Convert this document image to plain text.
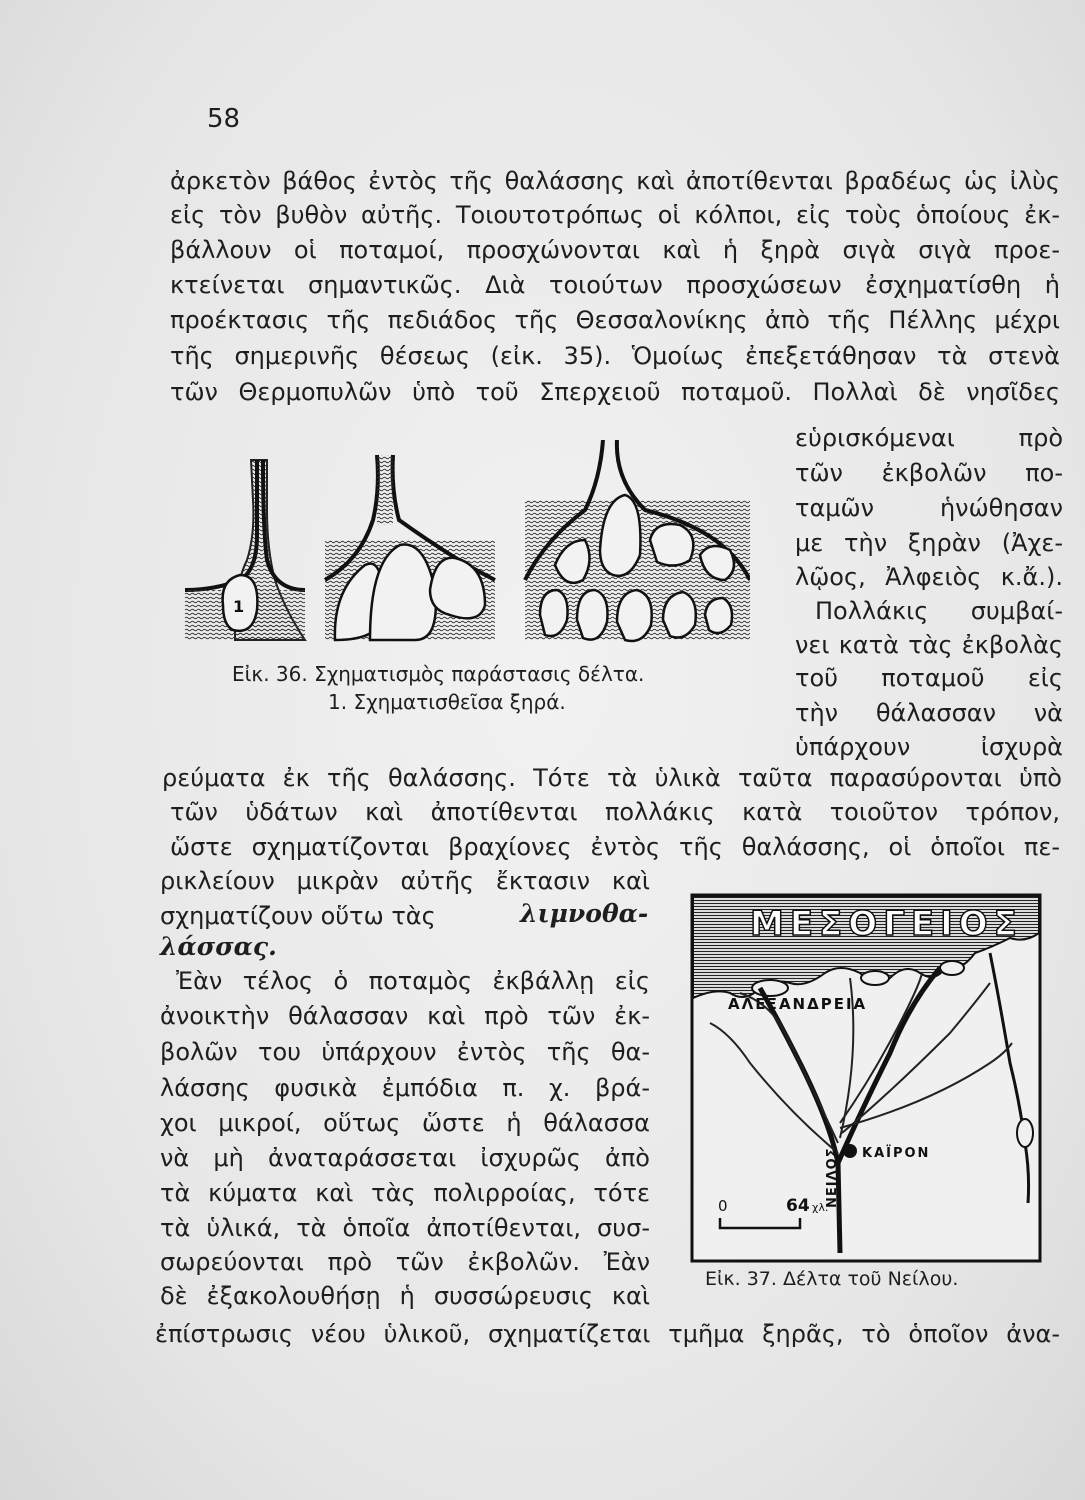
58
ἀρκετὸν βάθος ἐντὸς τῆς θαλάσσης καὶ ἀποτίθενται βραδέως ὡς ἰλὺς
εἰς τὸν βυθὸν αὐτῆς. Τοιουτοτρόπως οἱ κόλποι, εἰς τοὺς ὁποίους ἐκ-
βάλλουν οἱ ποταμοί, προσχώνονται καὶ ἡ ξηρὰ σιγὰ σιγὰ προε-
κτείνεται σημαντικῶς. Διὰ τοιούτων προσχώσεων ἐσχηματίσθη ἡ
προέκτασις τῆς πεδιάδος τῆς Θεσσαλονίκης ἀπὸ τῆς Πέλλης μέχρι
τῆς σημερινῆς θέσεως (εἰκ. 35). Ὁμοίως ἐπεξετάθησαν τὰ στενὰ
τῶν Θερμοπυλῶν ὑπὸ τοῦ Σπερχειοῦ ποταμοῦ. Πολλαὶ δὲ νησῖδες
1
εὑρισκόμεναι πρὸ
τῶν ἐκβολῶν πο-
ταμῶν ἡνώθησαν
με τὴν ξηρὰν (Ἀχε-
λῷος, Ἀλφειὸς κ.ἄ.).
Πολλάκις συμβαί-
νει κατὰ τὰς ἐκβολὰς
τοῦ ποταμοῦ εἰς
τὴν θάλασσαν νὰ
ὑπάρχουν ἰσχυρὰ
Εἰκ. 36. Σχηματισμὸς παράστασις δέλτα.
1. Σχηματισθεῖσα ξηρά.
ρεύματα ἐκ τῆς θαλάσσης. Τότε τὰ ὑλικὰ ταῦτα παρασύρονται ὑπὸ
τῶν ὑδάτων καὶ ἀποτίθενται πολλάκις κατὰ τοιοῦτον τρόπον,
ὥστε σχηματίζονται βραχίονες ἐντὸς τῆς θαλάσσης, οἱ ὁποῖοι πε-
ρικλείουν μικρὰν αὐτῆς ἔκτασιν καὶ
σχηματίζουν οὕτω τὰς	λιμνοθα-
λάσσας.
Ἐὰν τέλος ὁ ποταμὸς ἐκβάλλῃ εἰς
ἀνοικτὴν θάλασσαν καὶ πρὸ τῶν ἐκ-
βολῶν του ὑπάρχουν ἐντὸς τῆς θα-
λάσσης φυσικὰ ἐμπόδια π. χ. βρά-
χοι μικροί, οὕτως ὥστε ἡ θάλασσα
νὰ μὴ ἀναταράσσεται ἰσχυρῶς ἀπὸ
τὰ κύματα καὶ τὰς πολιρροίας, τότε
τὰ ὑλικά, τὰ ὁποῖα ἀποτίθενται, συσ-
σωρεύονται πρὸ τῶν ἐκβολῶν. Ἐὰν
δὲ ἐξακολουθήσῃ ἡ συσσώρευσις καὶ
ΜΕΣΟΓΕΙΟΣ
ΑΛΕΞΑΝΔΡΕΙΑ
ΚΑΪΡΟΝ
ΝΕΙΛΟΣ
0	64 χλ.
Εἰκ. 37. Δέλτα τοῦ Νείλου.
ἐπίστρωσις νέου ὑλικοῦ, σχηματίζεται τμῆμα ξηρᾶς, τὸ ὁποῖον ἀνα-
